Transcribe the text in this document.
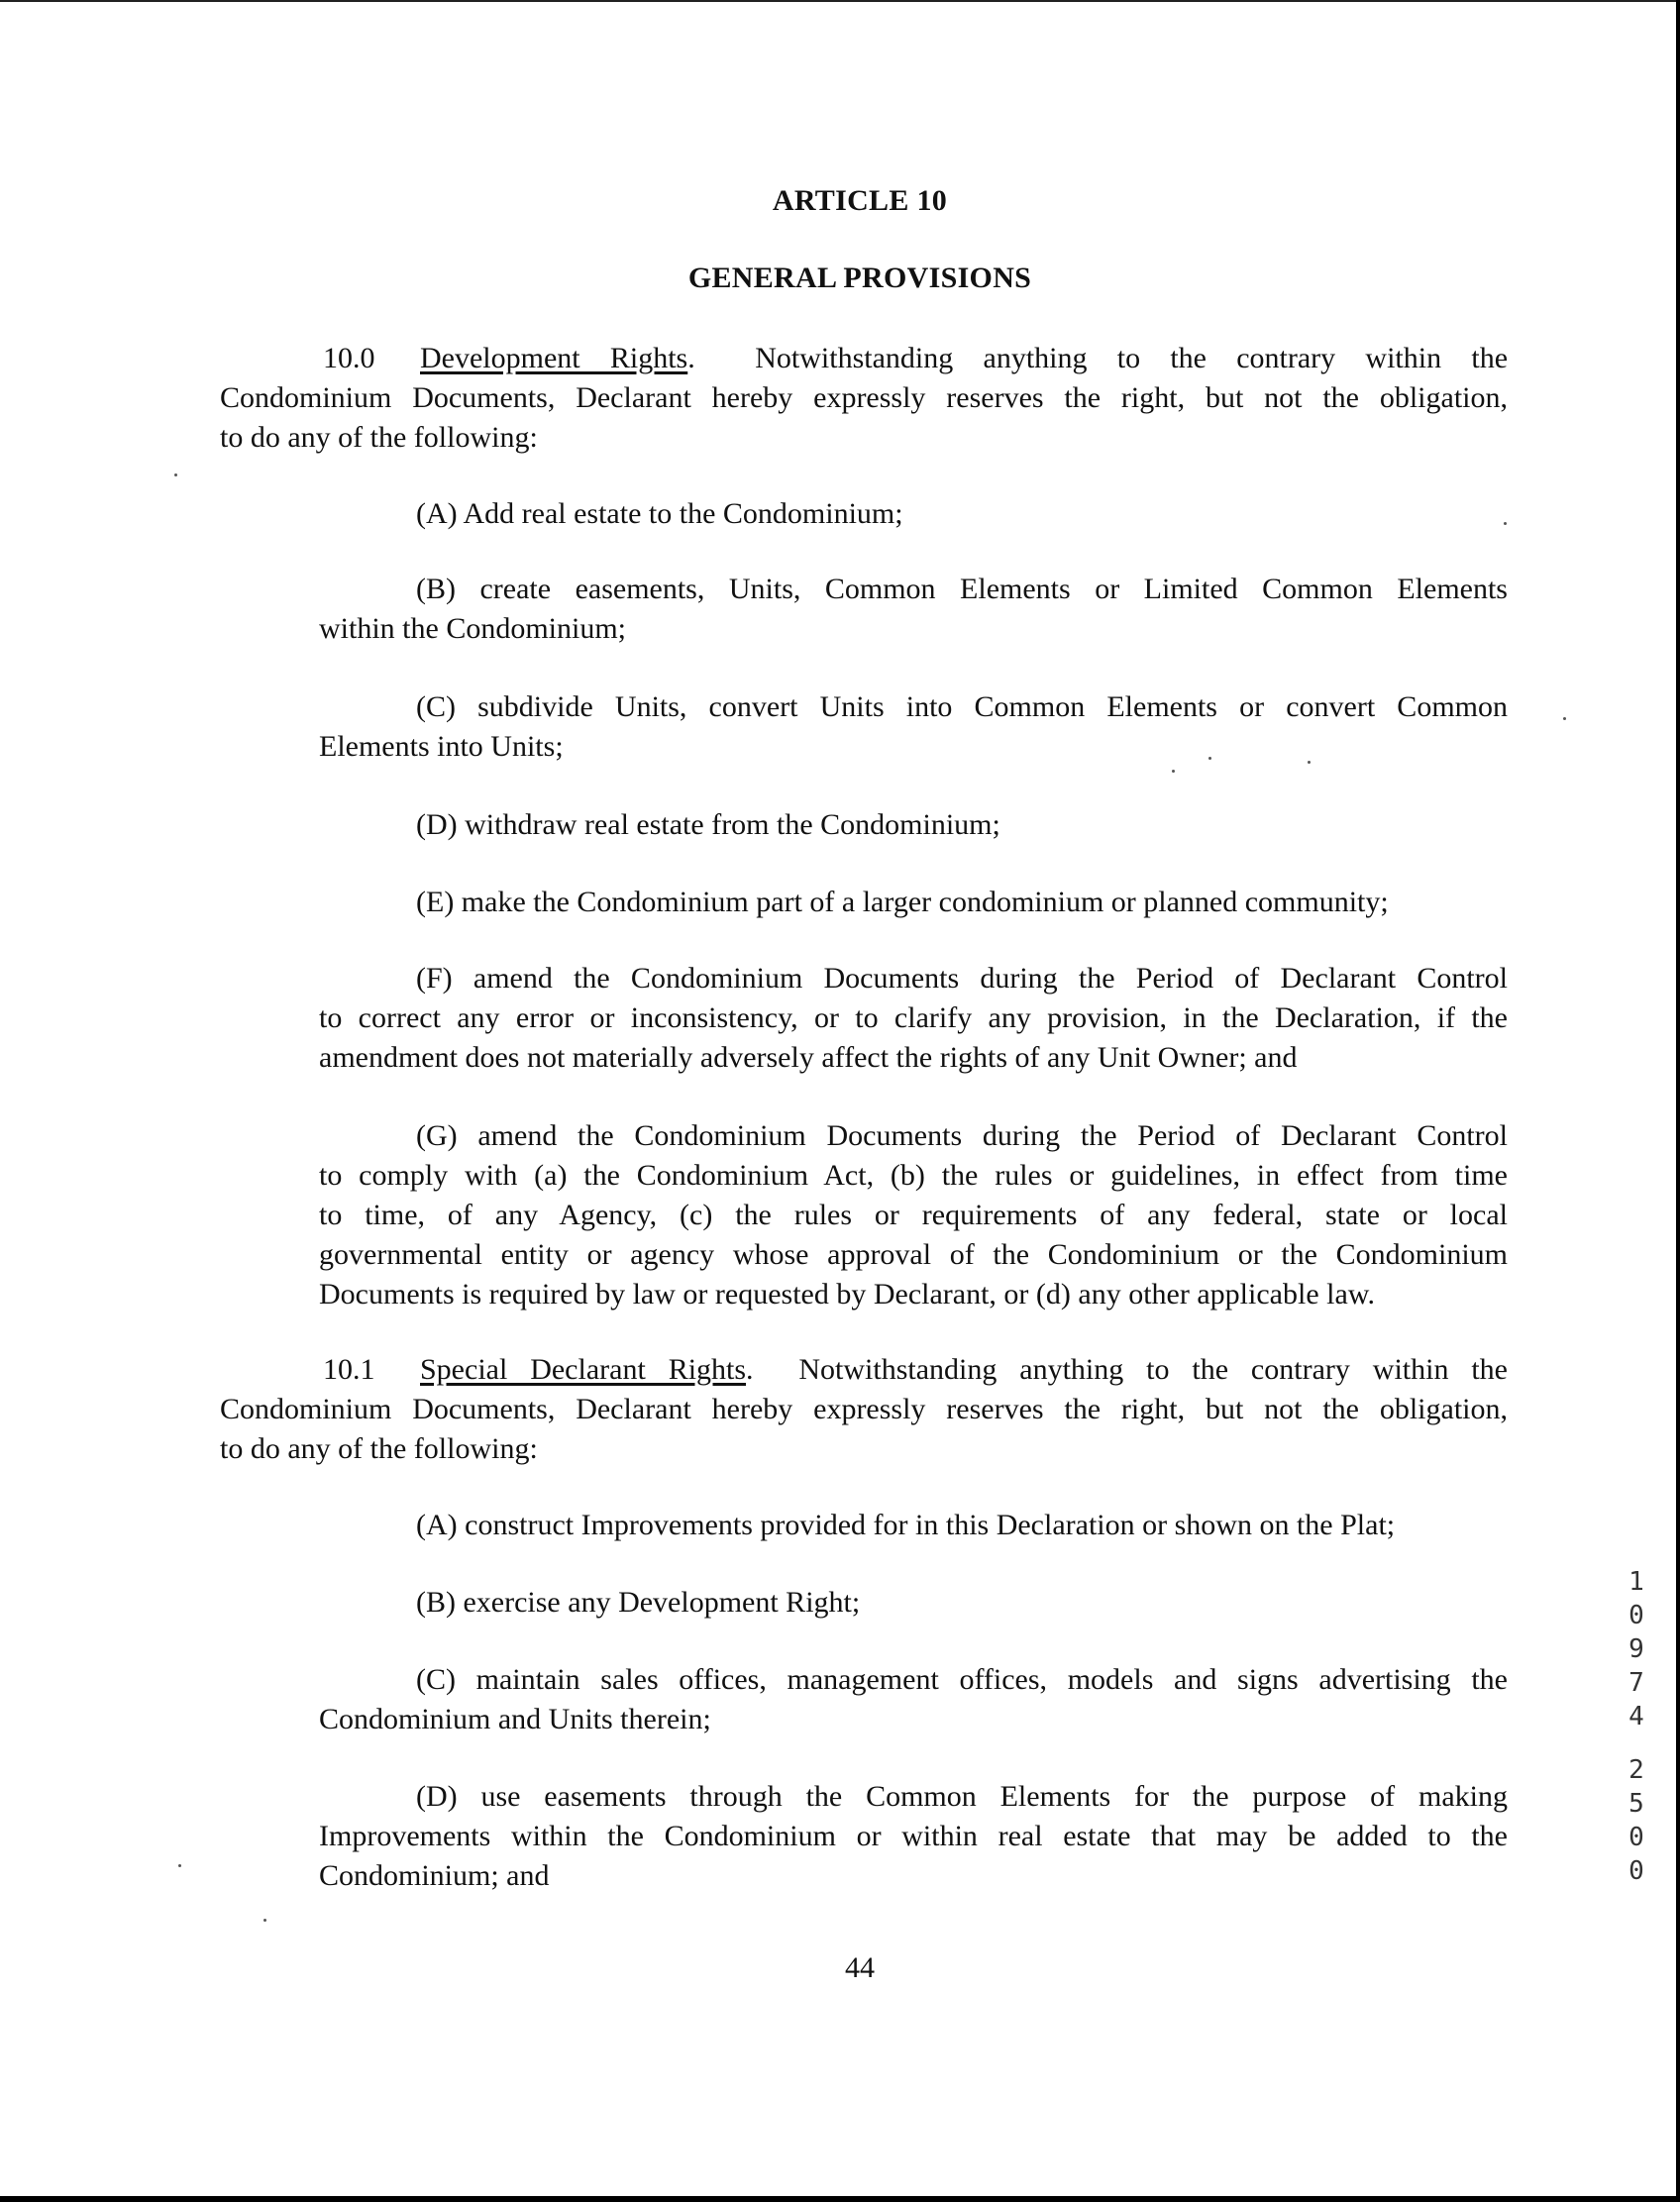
ARTICLE 10
GENERAL PROVISIONS
10.0 Development Rights.  Notwithstanding anything to the contrary within the
Condominium Documents, Declarant hereby expressly reserves the right, but not the obligation,
to do any of the following:
(A) Add real estate to the Condominium;
(B) create easements, Units, Common Elements or Limited Common Elements
within the Condominium;
(C) subdivide Units, convert Units into Common Elements or convert Common
Elements into Units;
(D) withdraw real estate from the Condominium;
(E) make the Condominium part of a larger condominium or planned community;
(F) amend the Condominium Documents during the Period of Declarant Control
to correct any error or inconsistency, or to clarify any provision, in the Declaration, if the
amendment does not materially adversely affect the rights of any Unit Owner; and
(G) amend the Condominium Documents during the Period of Declarant Control
to comply with (a) the Condominium Act, (b) the rules or guidelines, in effect from time
to time, of any Agency, (c) the rules or requirements of any federal, state or local
governmental entity or agency whose approval of the Condominium or the Condominium
Documents is required by law or requested by Declarant, or (d) any other applicable law.
10.1 Special Declarant Rights.  Notwithstanding anything to the contrary within the
Condominium Documents, Declarant hereby expressly reserves the right, but not the obligation,
to do any of the following:
(A) construct Improvements provided for in this Declaration or shown on the Plat;
(B) exercise any Development Right;
(C) maintain sales offices, management offices, models and signs advertising the
Condominium and Units therein;
(D) use easements through the Common Elements for the purpose of making
Improvements within the Condominium or within real estate that may be added to the
Condominium; and
44
1
0
9
7
4
2
5
0
0
